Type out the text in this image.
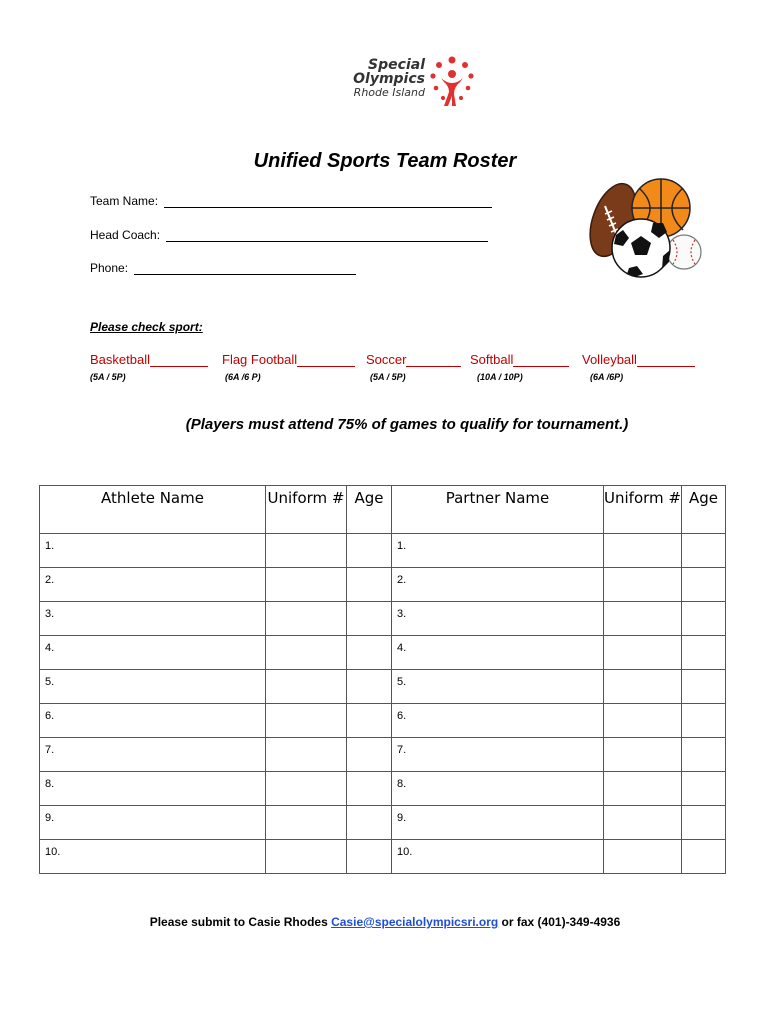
Special
Olympics
Rhode Island
Unified Sports Team Roster
Team Name:
Head Coach:
Phone:
Please check sport:
Basketball
(5A / 5P)
Flag Football
(6A /6 P)
Soccer
(5A / 5P)
Softball
(10A / 10P)
Volleyball
(6A /6P)
(Players must attend 75% of games to qualify for tournament.)
Athlete Name	Uniform #	Age	Partner Name	Uniform #	Age
1.			1.		
2.			2.		
3.			3.		
4.			4.		
5.			5.		
6.			6.		
7.			7.		
8.			8.		
9.			9.		
10.			10.		
Please submit to Casie Rhodes Casie@specialolympicsri.org or fax (401)-349-4936
